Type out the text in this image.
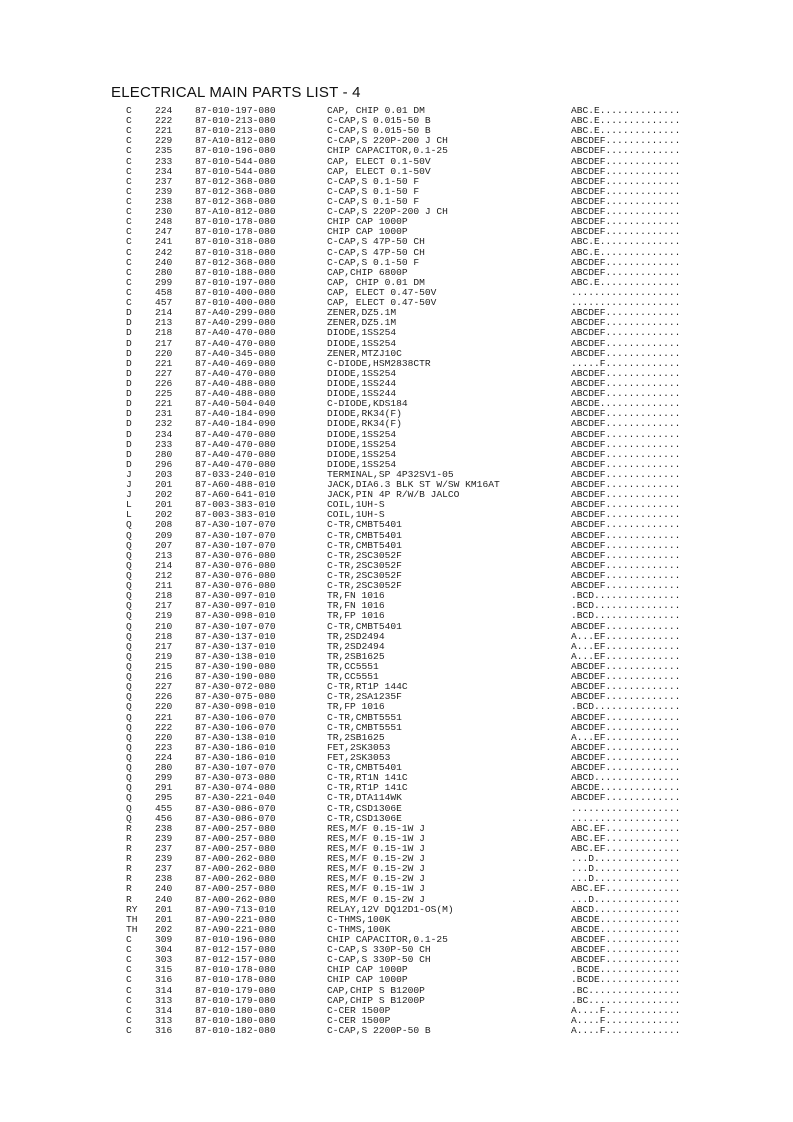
ELECTRICAL MAIN PARTS LIST - 4
C	224 87-010-197-080	CAP, CHIP 0.01 DM	ABC.E..............
C	222 87-010-213-080	C-CAP,S 0.015-50 B	ABC.E..............
C	221 87-010-213-080	C-CAP,S 0.015-50 B	ABC.E..............
C	229 87-A10-812-080	C-CAP,S 220P-200 J CH	ABCDEF.............
C	235 87-010-196-080	CHIP CAPACITOR,0.1-25	ABCDEF.............
C	233 87-010-544-080	CAP, ELECT 0.1-50V	ABCDEF.............
C	234 87-010-544-080	CAP, ELECT 0.1-50V	ABCDEF.............
C	237 87-012-368-080	C-CAP,S 0.1-50 F	ABCDEF.............
C	239 87-012-368-080	C-CAP,S 0.1-50 F	ABCDEF.............
C	238 87-012-368-080	C-CAP,S 0.1-50 F	ABCDEF.............
C	230 87-A10-812-080	C-CAP,S 220P-200 J CH	ABCDEF.............
C	248 87-010-178-080	CHIP CAP 1000P	ABCDEF.............
C	247 87-010-178-080	CHIP CAP 1000P	ABCDEF.............
C	241 87-010-318-080	C-CAP,S 47P-50 CH	ABC.E..............
C	242 87-010-318-080	C-CAP,S 47P-50 CH	ABC.E..............
C	240 87-012-368-080	C-CAP,S 0.1-50 F	ABCDEF.............
C	280 87-010-188-080	CAP,CHIP 6800P	ABCDEF.............
C	299 87-010-197-080	CAP, CHIP 0.01 DM	ABC.E..............
C	458 87-010-400-080	CAP, ELECT 0.47-50V	...................
C	457 87-010-400-080	CAP, ELECT 0.47-50V	...................
D	214 87-A40-299-080	ZENER,DZ5.1M	ABCDEF.............
D	213 87-A40-299-080	ZENER,DZ5.1M	ABCDEF.............
D	218 87-A40-470-080	DIODE,1SS254	ABCDEF.............
D	217 87-A40-470-080	DIODE,1SS254	ABCDEF.............
D	220 87-A40-345-080	ZENER,MTZJ10C	ABCDEF.............
D	221 87-A40-469-080	C-DIODE,HSM2838CTR	.....F.............
D	227 87-A40-470-080	DIODE,1SS254	ABCDEF.............
D	226 87-A40-488-080	DIODE,1SS244	ABCDEF.............
D	225 87-A40-488-080	DIODE,1SS244	ABCDEF.............
D	221 87-A40-504-040	C-DIODE,KDS184	ABCDE..............
D	231 87-A40-184-090	DIODE,RK34(F)	ABCDEF.............
D	232 87-A40-184-090	DIODE,RK34(F)	ABCDEF.............
D	234 87-A40-470-080	DIODE,1SS254	ABCDEF.............
D	233 87-A40-470-080	DIODE,1SS254	ABCDEF.............
D	280 87-A40-470-080	DIODE,1SS254	ABCDEF.............
D	296 87-A40-470-080	DIODE,1SS254	ABCDEF.............
J	203 87-033-240-010	TERMINAL,SP 4P32SV1-05	ABCDEF.............
J	201 87-A60-488-010	JACK,DIA6.3 BLK ST W/SW KM16AT	ABCDEF.............
J	202 87-A60-641-010	JACK,PIN 4P R/W/B JALCO	ABCDEF.............
L	201 87-003-383-010	COIL,1UH-S	ABCDEF.............
L	202 87-003-383-010	COIL,1UH-S	ABCDEF.............
Q	208 87-A30-107-070	C-TR,CMBT5401	ABCDEF.............
Q	209 87-A30-107-070	C-TR,CMBT5401	ABCDEF.............
Q	207 87-A30-107-070	C-TR,CMBT5401	ABCDEF.............
Q	213 87-A30-076-080	C-TR,2SC3052F	ABCDEF.............
Q	214 87-A30-076-080	C-TR,2SC3052F	ABCDEF.............
Q	212 87-A30-076-080	C-TR,2SC3052F	ABCDEF.............
Q	211 87-A30-076-080	C-TR,2SC3052F	ABCDEF.............
Q	218 87-A30-097-010	TR,FN 1016	.BCD...............
Q	217 87-A30-097-010	TR,FN 1016	.BCD...............
Q	219 87-A30-098-010	TR,FP 1016	.BCD...............
Q	210 87-A30-107-070	C-TR,CMBT5401	ABCDEF.............
Q	218 87-A30-137-010	TR,2SD2494	A...EF.............
Q	217 87-A30-137-010	TR,2SD2494	A...EF.............
Q	219 87-A30-138-010	TR,2SB1625	A...EF.............
Q	215 87-A30-190-080	TR,CC5551	ABCDEF.............
Q	216 87-A30-190-080	TR,CC5551	ABCDEF.............
Q	227 87-A30-072-080	C-TR,RT1P 144C	ABCDEF.............
Q	226 87-A30-075-080	C-TR,2SA1235F	ABCDEF.............
Q	220 87-A30-098-010	TR,FP 1016	.BCD...............
Q	221 87-A30-106-070	C-TR,CMBT5551	ABCDEF.............
Q	222 87-A30-106-070	C-TR,CMBT5551	ABCDEF.............
Q	220 87-A30-138-010	TR,2SB1625	A...EF.............
Q	223 87-A30-186-010	FET,2SK3053	ABCDEF.............
Q	224 87-A30-186-010	FET,2SK3053	ABCDEF.............
Q	280 87-A30-107-070	C-TR,CMBT5401	ABCDEF.............
Q	299 87-A30-073-080	C-TR,RT1N 141C	ABCD...............
Q	291 87-A30-074-080	C-TR,RT1P 141C	ABCDE..............
Q	295 87-A30-221-040	C-TR,DTA114WK	ABCDEF.............
Q	455 87-A30-086-070	C-TR,CSD1306E	...................
Q	456 87-A30-086-070	C-TR,CSD1306E	...................
R	238 87-A00-257-080	RES,M/F 0.15-1W J	ABC.EF.............
R	239 87-A00-257-080	RES,M/F 0.15-1W J	ABC.EF.............
R	237 87-A00-257-080	RES,M/F 0.15-1W J	ABC.EF.............
R	239 87-A00-262-080	RES,M/F 0.15-2W J	...D...............
R	237 87-A00-262-080	RES,M/F 0.15-2W J	...D...............
R	238 87-A00-262-080	RES,M/F 0.15-2W J	...D...............
R	240 87-A00-257-080	RES,M/F 0.15-1W J	ABC.EF.............
R	240 87-A00-262-080	RES,M/F 0.15-2W J	...D...............
RY	201 87-A90-713-010	RELAY,12V DQ12D1-OS(M)	ABCD...............
TH	201 87-A90-221-080	C-THMS,100K	ABCDE..............
TH	202 87-A90-221-080	C-THMS,100K	ABCDE..............
C	309 87-010-196-080	CHIP CAPACITOR,0.1-25	ABCDEF.............
C	304 87-012-157-080	C-CAP,S 330P-50 CH	ABCDEF.............
C	303 87-012-157-080	C-CAP,S 330P-50 CH	ABCDEF.............
C	315 87-010-178-080	CHIP CAP 1000P	.BCDE..............
C	316 87-010-178-080	CHIP CAP 1000P	.BCDE..............
C	314 87-010-179-080	CAP,CHIP S B1200P	.BC................
C	313 87-010-179-080	CAP,CHIP S B1200P	.BC................
C	314 87-010-180-080	C-CER 1500P	A....F.............
C	313 87-010-180-080	C-CER 1500P	A....F.............
C	316 87-010-182-080	C-CAP,S 2200P-50 B	A....F.............
